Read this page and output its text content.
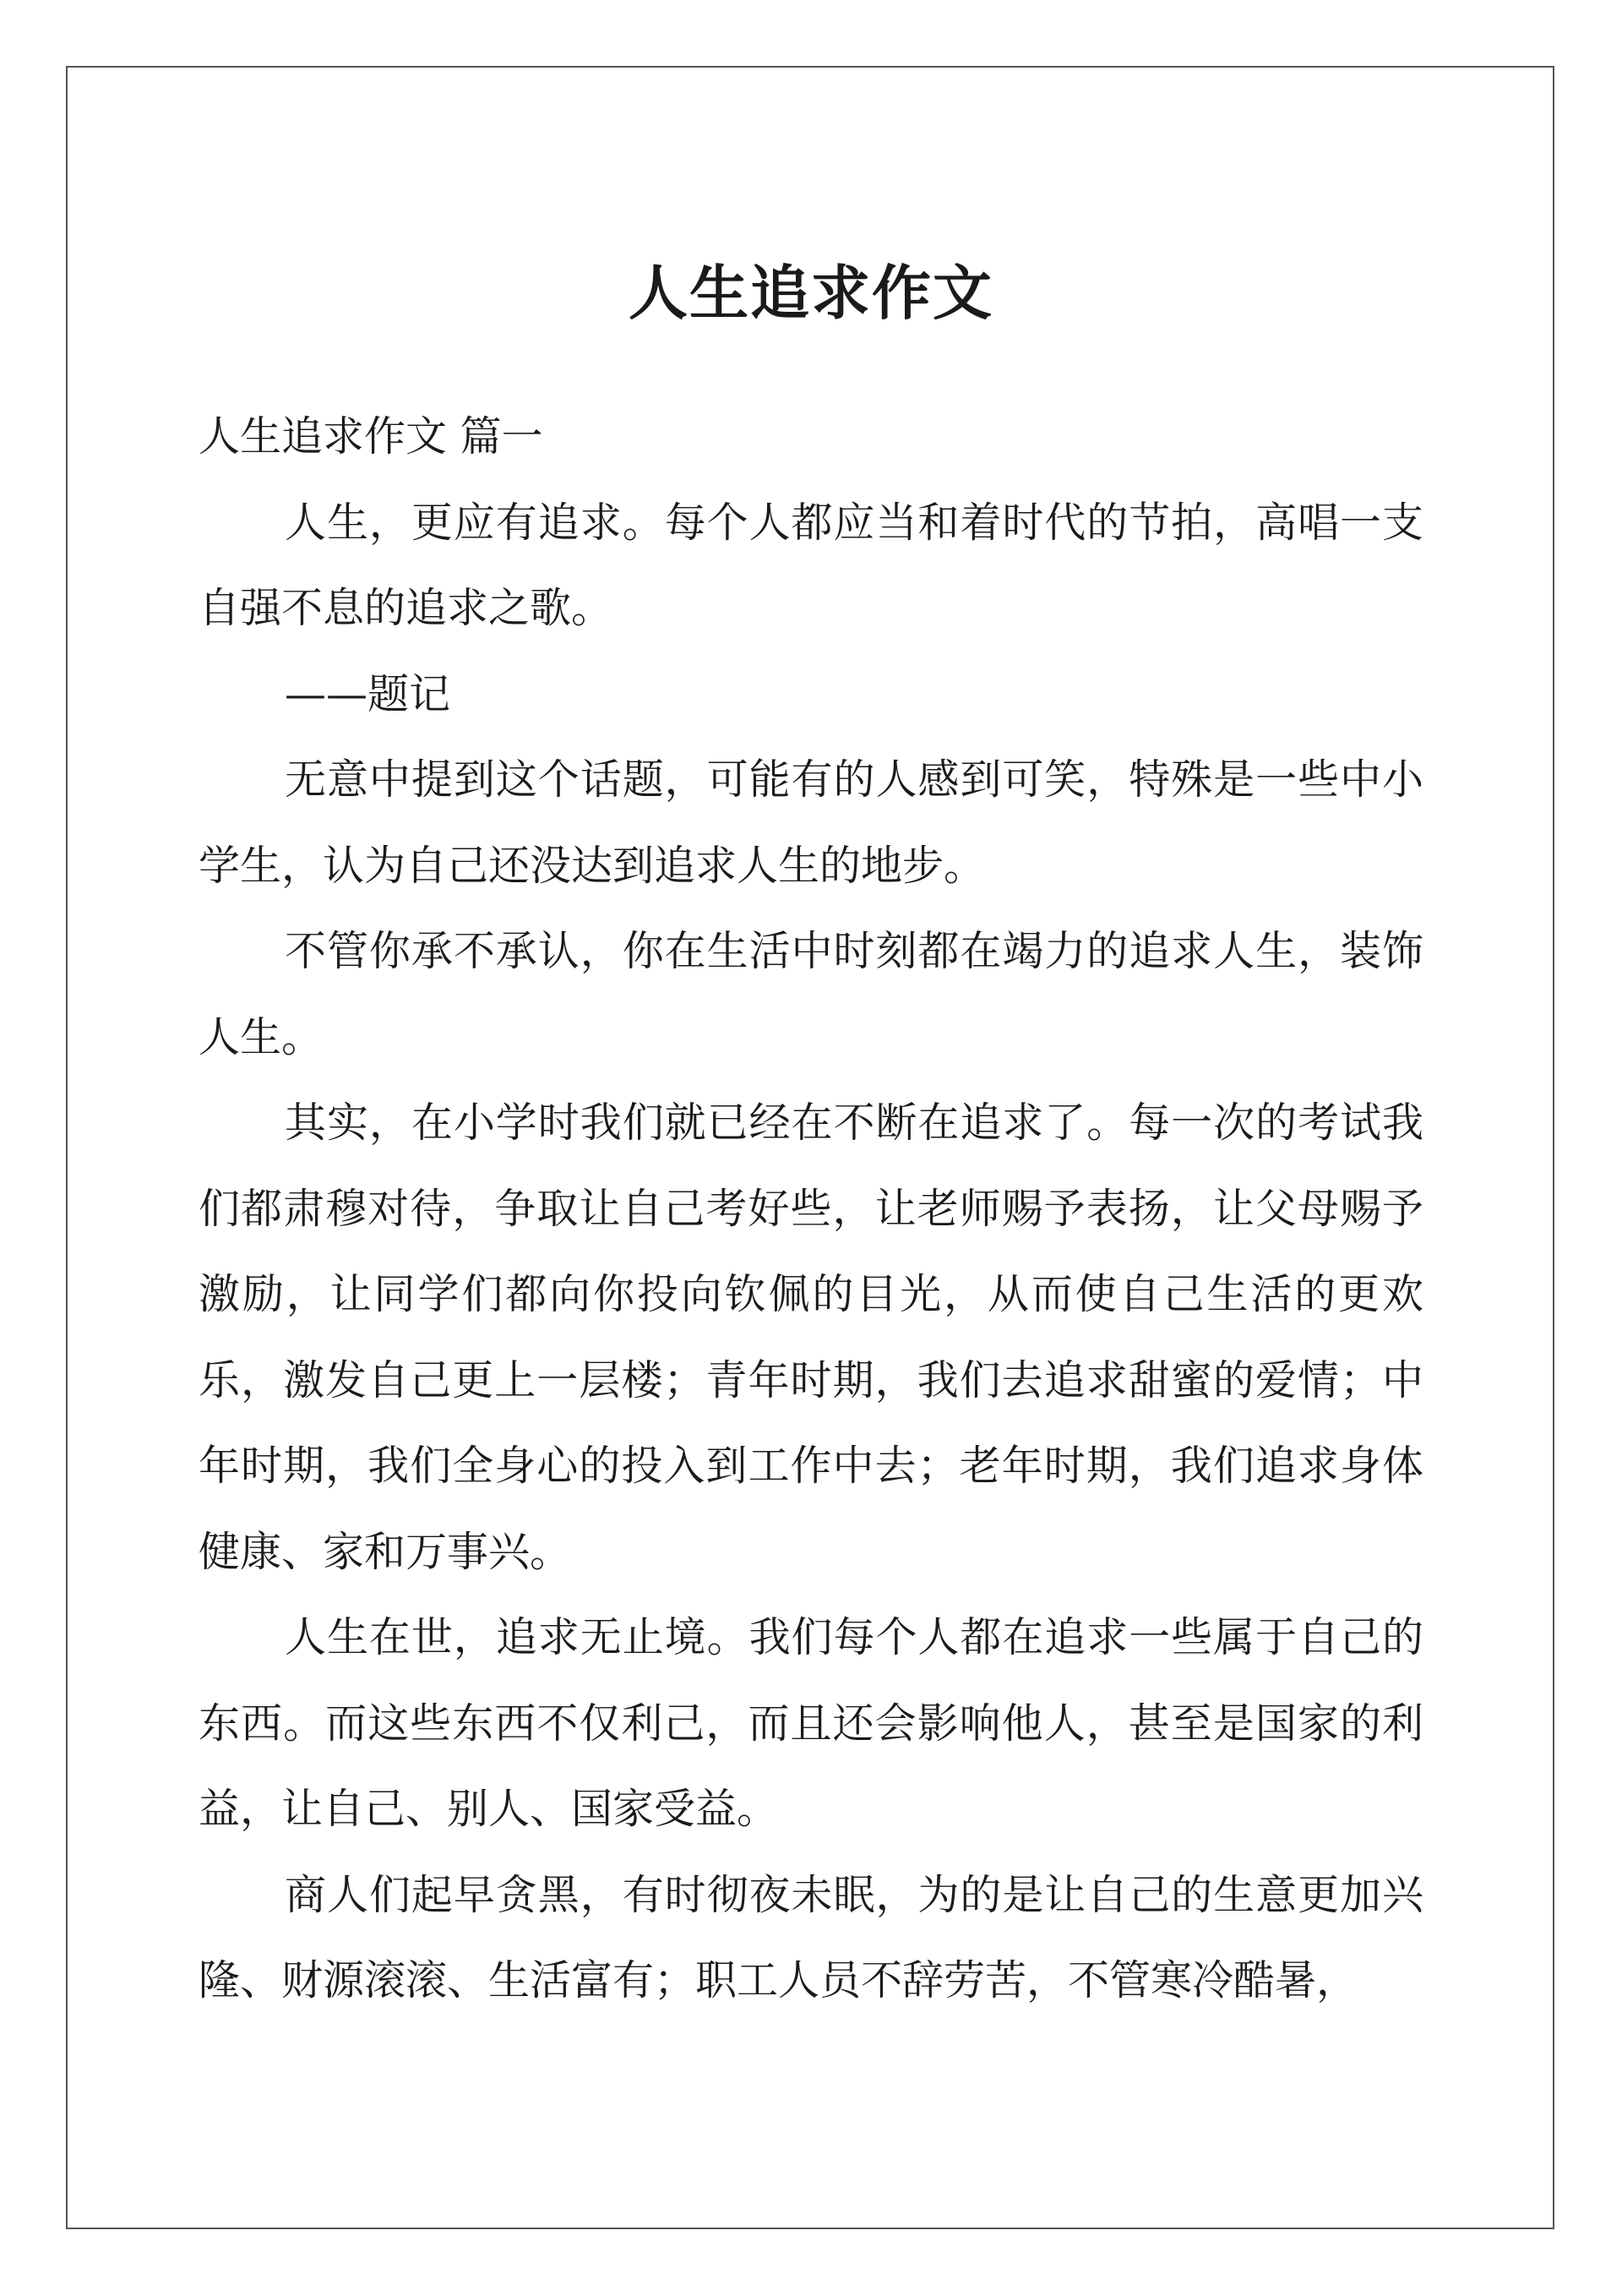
人生追求作文

人生追求作文 篇一

人生，更应有追求。每个人都应当和着时代的节拍，高唱一支自强不息的追求之歌。

——题记

无意中提到这个话题，可能有的人感到可笑，特殊是一些中小学生，认为自己还没达到追求人生的地步。

不管你承不承认，你在生活中时刻都在竭力的追求人生，装饰人生。

其实，在小学时我们就已经在不断在追求了。每一次的考试我们都肃穆对待，争取让自己考好些，让老师赐予表扬，让父母赐予激励，让同学们都向你投向钦佩的目光，从而使自己生活的更欢乐，激发自己更上一层楼；青年时期，我们去追求甜蜜的爱情；中年时期，我们全身心的投入到工作中去；老年时期，我们追求身体健康、家和万事兴。

人生在世，追求无止境。我们每个人都在追求一些属于自己的东西。而这些东西不仅利己，而且还会影响他人，甚至是国家的利益，让自己、别人、国家受益。

商人们起早贪黑，有时彻夜未眠，为的是让自己的生意更加兴隆、财源滚滚、生活富有；职工人员不辞劳苦，不管寒冷酷暑，
